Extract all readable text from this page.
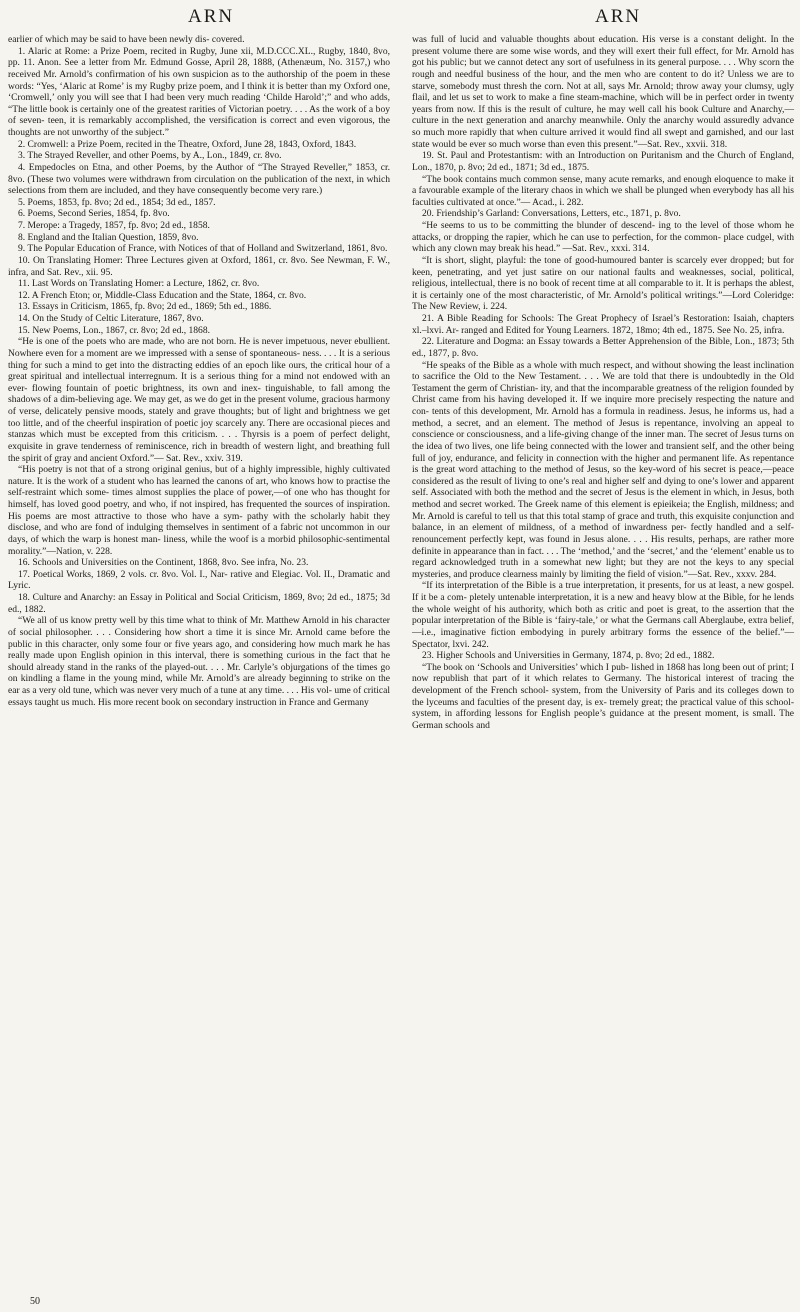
ARN	ARN

earlier of which may be said to have been newly dis- covered.

1. Alaric at Rome: a Prize Poem, recited in Rugby, June xii, M.D.CCC.XL., Rugby, 1840, 8vo, pp. 11. Anon. See a letter from Mr. Edmund Gosse, April 28, 1888, (Athenæum, No. 3157,) who received Mr. Arnold’s confirmation of his own suspicion as to the authorship of the poem in these words: “Yes, ‘Alaric at Rome’ is my Rugby prize poem, and I think it is better than my Oxford one, ‘Cromwell,’ only you will see that I had been very much reading ‘Childe Harold’;” and who adds, “The little book is certainly one of the greatest rarities of Victorian poetry. . . . As the work of a boy of seven- teen, it is remarkably accomplished, the versification is correct and even vigorous, the thoughts are not unworthy of the subject.”

2. Cromwell: a Prize Poem, recited in the Theatre, Oxford, June 28, 1843, Oxford, 1843.

3. The Strayed Reveller, and other Poems, by A., Lon., 1849, cr. 8vo.

4. Empedocles on Etna, and other Poems, by the Author of “The Strayed Reveller,” 1853, cr. 8vo. (These two volumes were withdrawn from circulation on the publication of the next, in which selections from them are included, and they have consequently become very rare.)

5. Poems, 1853, fp. 8vo; 2d ed., 1854; 3d ed., 1857.

6. Poems, Second Series, 1854, fp. 8vo.

7. Merope: a Tragedy, 1857, fp. 8vo; 2d ed., 1858.

8. England and the Italian Question, 1859, 8vo.

9. The Popular Education of France, with Notices of that of Holland and Switzerland, 1861, 8vo.

10. On Translating Homer: Three Lectures given at Oxford, 1861, cr. 8vo. See Newman, F. W., infra, and Sat. Rev., xii. 95.

11. Last Words on Translating Homer: a Lecture, 1862, cr. 8vo.

12. A French Eton; or, Middle-Class Education and the State, 1864, cr. 8vo.

13. Essays in Criticism, 1865, fp. 8vo; 2d ed., 1869; 5th ed., 1886.

14. On the Study of Celtic Literature, 1867, 8vo.

15. New Poems, Lon., 1867, cr. 8vo; 2d ed., 1868.

“He is one of the poets who are made, who are not born. He is never impetuous, never ebullient. Nowhere even for a moment are we impressed with a sense of spontaneous- ness. . . . It is a serious thing for such a mind to get into the distracting eddies of an epoch like ours, the critical hour of a great spiritual and intellectual interregnum. It is a serious thing for a mind not endowed with an ever- flowing fountain of poetic brightness, its own and inex- tinguishable, to fall among the shadows of a dim-believing age. We may get, as we do get in the present volume, gracious harmony of verse, delicately pensive moods, stately and grave thoughts; but of light and brightness we get too little, and of the cheerful inspiration of poetic joy scarcely any. There are occasional pieces and stanzas which must be excepted from this criticism. . . . Thyrsis is a poem of perfect delight, exquisite in grave tenderness of reminiscence, rich in breadth of western light, and breathing full the spirit of gray and ancient Oxford.”— Sat. Rev., xxiv. 319.

“His poetry is not that of a strong original genius, but of a highly impressible, highly cultivated nature. It is the work of a student who has learned the canons of art, who knows how to practise the self-restraint which some- times almost supplies the place of power,—of one who has thought for himself, has loved good poetry, and who, if not inspired, has frequented the sources of inspiration. His poems are most attractive to those who have a sym- pathy with the scholarly habit they disclose, and who are fond of indulging themselves in sentiment of a fabric not uncommon in our days, of which the warp is honest man- liness, while the woof is a morbid philosophic-sentimental morality.”—Nation, v. 228.

16. Schools and Universities on the Continent, 1868, 8vo. See infra, No. 23.

17. Poetical Works, 1869, 2 vols. cr. 8vo. Vol. I., Nar- rative and Elegiac. Vol. II., Dramatic and Lyric.

18. Culture and Anarchy: an Essay in Political and Social Criticism, 1869, 8vo; 2d ed., 1875; 3d ed., 1882.

“We all of us know pretty well by this time what to think of Mr. Matthew Arnold in his character of social philosopher. . . . Considering how short a time it is since Mr. Arnold came before the public in this character, only some four or five years ago, and considering how much mark he has really made upon English opinion in this interval, there is something curious in the fact that he should already stand in the ranks of the played-out. . . . Mr. Carlyle’s objurgations of the times go on kindling a flame in the young mind, while Mr. Arnold’s are already beginning to strike on the ear as a very old tune, which was never very much of a tune at any time. . . . His vol- ume of critical essays taught us much. His more recent book on secondary instruction in France and Germany

was full of lucid and valuable thoughts about education. His verse is a constant delight. In the present volume there are some wise words, and they will exert their full effect, for Mr. Arnold has got his public; but we cannot detect any sort of usefulness in its general purpose. . . . Why scorn the rough and needful business of the hour, and the men who are content to do it? Unless we are to starve, somebody must thresh the corn. Not at all, says Mr. Arnold; throw away your clumsy, ugly flail, and let us set to work to make a fine steam-machine, which will be in perfect order in twenty years from now. If this is the result of culture, he may well call his book Culture and Anarchy,—culture in the next generation and anarchy meanwhile. Only the anarchy would assuredly advance so much more rapidly that when culture arrived it would find all swept and garnished, and our last state would be ever so much worse than even this present.”—Sat. Rev., xxvii. 318.

19. St. Paul and Protestantism: with an Introduction on Puritanism and the Church of England, Lon., 1870, p. 8vo; 2d ed., 1871; 3d ed., 1875.

“The book contains much common sense, many acute remarks, and enough eloquence to make it a favourable example of the literary chaos in which we shall be plunged when everybody has all his faculties cultivated at once.”— Acad., i. 282.

20. Friendship’s Garland: Conversations, Letters, etc., 1871, p. 8vo.

“He seems to us to be committing the blunder of descend- ing to the level of those whom he attacks, or dropping the rapier, which he can use to perfection, for the common- place cudgel, with which any clown may break his head.” —Sat. Rev., xxxi. 314.

“It is short, slight, playful: the tone of good-humoured banter is scarcely ever dropped; but for keen, penetrating, and yet just satire on our national faults and weaknesses, social, political, religious, intellectual, there is no book of recent time at all comparable to it. It is perhaps the ablest, it is certainly one of the most characteristic, of Mr. Arnold’s political writings.”—Lord Coleridge: The New Review, i. 224.

21. A Bible Reading for Schools: The Great Prophecy of Israel’s Restoration: Isaiah, chapters xl.–lxvi. Ar- ranged and Edited for Young Learners. 1872, 18mo; 4th ed., 1875. See No. 25, infra.

22. Literature and Dogma: an Essay towards a Better Apprehension of the Bible, Lon., 1873; 5th ed., 1877, p. 8vo.

“He speaks of the Bible as a whole with much respect, and without showing the least inclination to sacrifice the Old to the New Testament. . . . We are told that there is undoubtedly in the Old Testament the germ of Christian- ity, and that the incomparable greatness of the religion founded by Christ came from his having developed it. If we inquire more precisely respecting the nature and con- tents of this development, Mr. Arnold has a formula in readiness. Jesus, he informs us, had a method, a secret, and an element. The method of Jesus is repentance, involving an appeal to conscience or consciousness, and a life-giving change of the inner man. The secret of Jesus turns on the idea of two lives, one life being connected with the lower and transient self, and the other being full of joy, endurance, and felicity in connection with the higher and permanent life. As repentance is the great word attaching to the method of Jesus, so the key-word of his secret is peace,—peace considered as the result of living to one’s real and higher self and dying to one’s lower and apparent self. Associated with both the method and the secret of Jesus is the element in which, in Jesus, both method and secret worked. The Greek name of this element is epieikeia; the English, mildness; and Mr. Arnold is careful to tell us that this total stamp of grace and truth, this exquisite conjunction and balance, in an element of mildness, of a method of inwardness per- fectly handled and a self-renouncement perfectly kept, was found in Jesus alone. . . . His results, perhaps, are rather more definite in appearance than in fact. . . . The ‘method,’ and the ‘secret,’ and the ‘element’ enable us to regard acknowledged truth in a somewhat new light; but they are not the keys to any special mysteries, and produce clearness mainly by limiting the field of vision.”—Sat. Rev., xxxv. 284.

“If its interpretation of the Bible is a true interpretation, it presents, for us at least, a new gospel. If it be a com- pletely untenable interpretation, it is a new and heavy blow at the Bible, for he lends the whole weight of his authority, which both as critic and poet is great, to the assertion that the popular interpretation of the Bible is ‘fairy-tale,’ or what the Germans call Aberglaube, extra belief,—i.e., imaginative fiction embodying in purely arbitrary forms the essence of the belief.”—Spectator, lxvi. 242.

23. Higher Schools and Universities in Germany, 1874, p. 8vo; 2d ed., 1882.

“The book on ‘Schools and Universities’ which I pub- lished in 1868 has long been out of print; I now republish that part of it which relates to Germany. The historical interest of tracing the development of the French school- system, from the University of Paris and its colleges down to the lyceums and faculties of the present day, is ex- tremely great; the practical value of this school-system, in affording lessons for English people’s guidance at the present moment, is small. The German schools and

50
